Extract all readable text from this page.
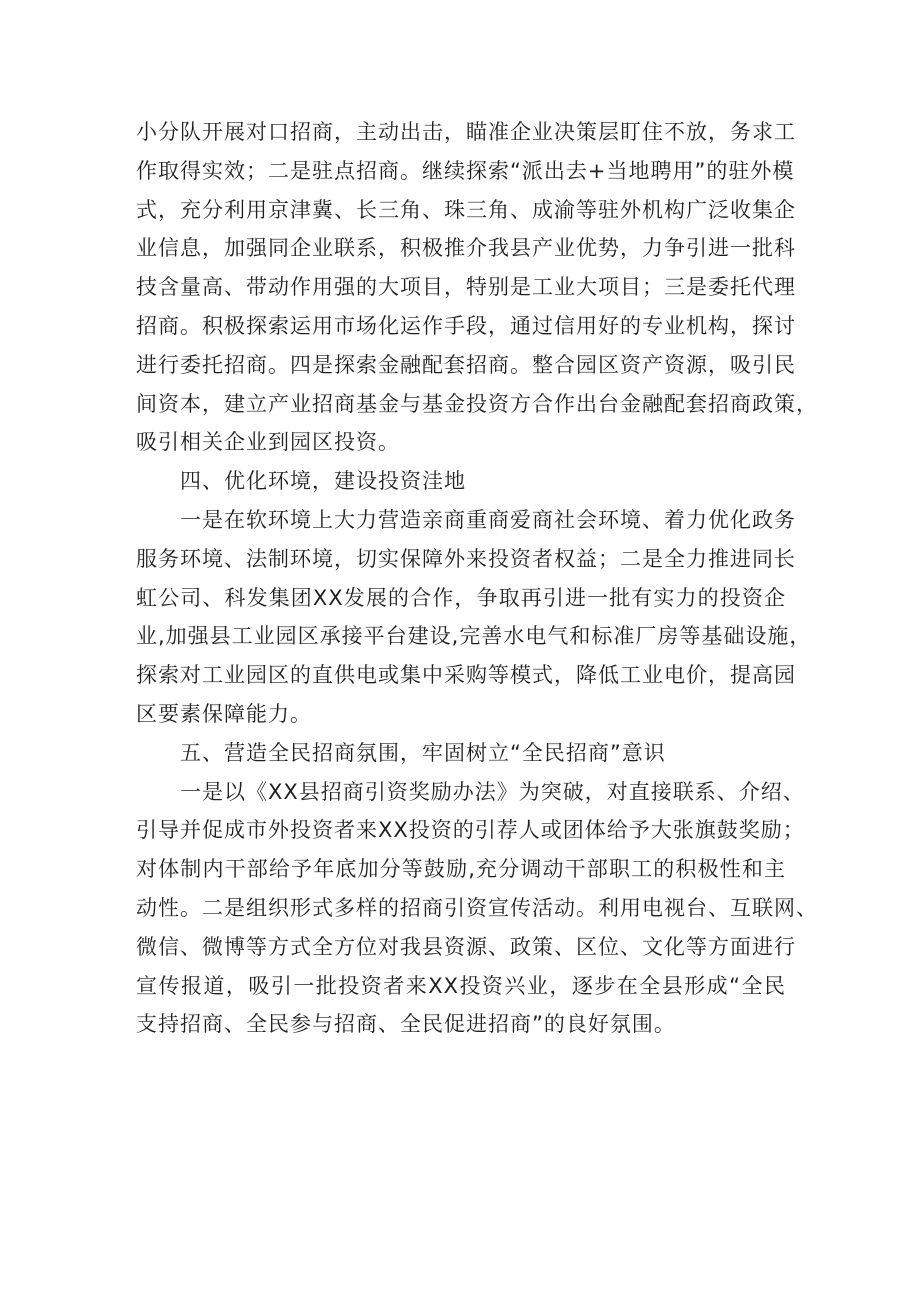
小分队开展对口招商，主动出击，瞄准企业决策层盯住不放，务求工
作取得实效；二是驻点招商。继续探索“派出去+当地聘用”的驻外模
式，充分利用京津冀、长三角、珠三角、成渝等驻外机构广泛收集企
业信息，加强同企业联系，积极推介我县产业优势，力争引进一批科
技含量高、带动作用强的大项目，特别是工业大项目；三是委托代理
招商。积极探索运用市场化运作手段，通过信用好的专业机构，探讨
进行委托招商。四是探索金融配套招商。整合园区资产资源，吸引民
间资本，建立产业招商基金与基金投资方合作出台金融配套招商政策，
吸引相关企业到园区投资。

四、优化环境，建设投资洼地

一是在软环境上大力营造亲商重商爱商社会环境、着力优化政务
服务环境、法制环境，切实保障外来投资者权益；二是全力推进同长
虹公司、科发集团XX发展的合作，争取再引进一批有实力的投资企
业,加强县工业园区承接平台建设,完善水电气和标准厂房等基础设施，
探索对工业园区的直供电或集中采购等模式，降低工业电价，提高园
区要素保障能力。

五、营造全民招商氛围，牢固树立“全民招商”意识

一是以《XX县招商引资奖励办法》为突破，对直接联系、介绍、
引导并促成市外投资者来XX投资的引荐人或团体给予大张旗鼓奖励；
对体制内干部给予年底加分等鼓励,充分调动干部职工的积极性和主
动性。二是组织形式多样的招商引资宣传活动。利用电视台、互联网、
微信、微博等方式全方位对我县资源、政策、区位、文化等方面进行
宣传报道，吸引一批投资者来XX投资兴业，逐步在全县形成“全民
支持招商、全民参与招商、全民促进招商”的良好氛围。
